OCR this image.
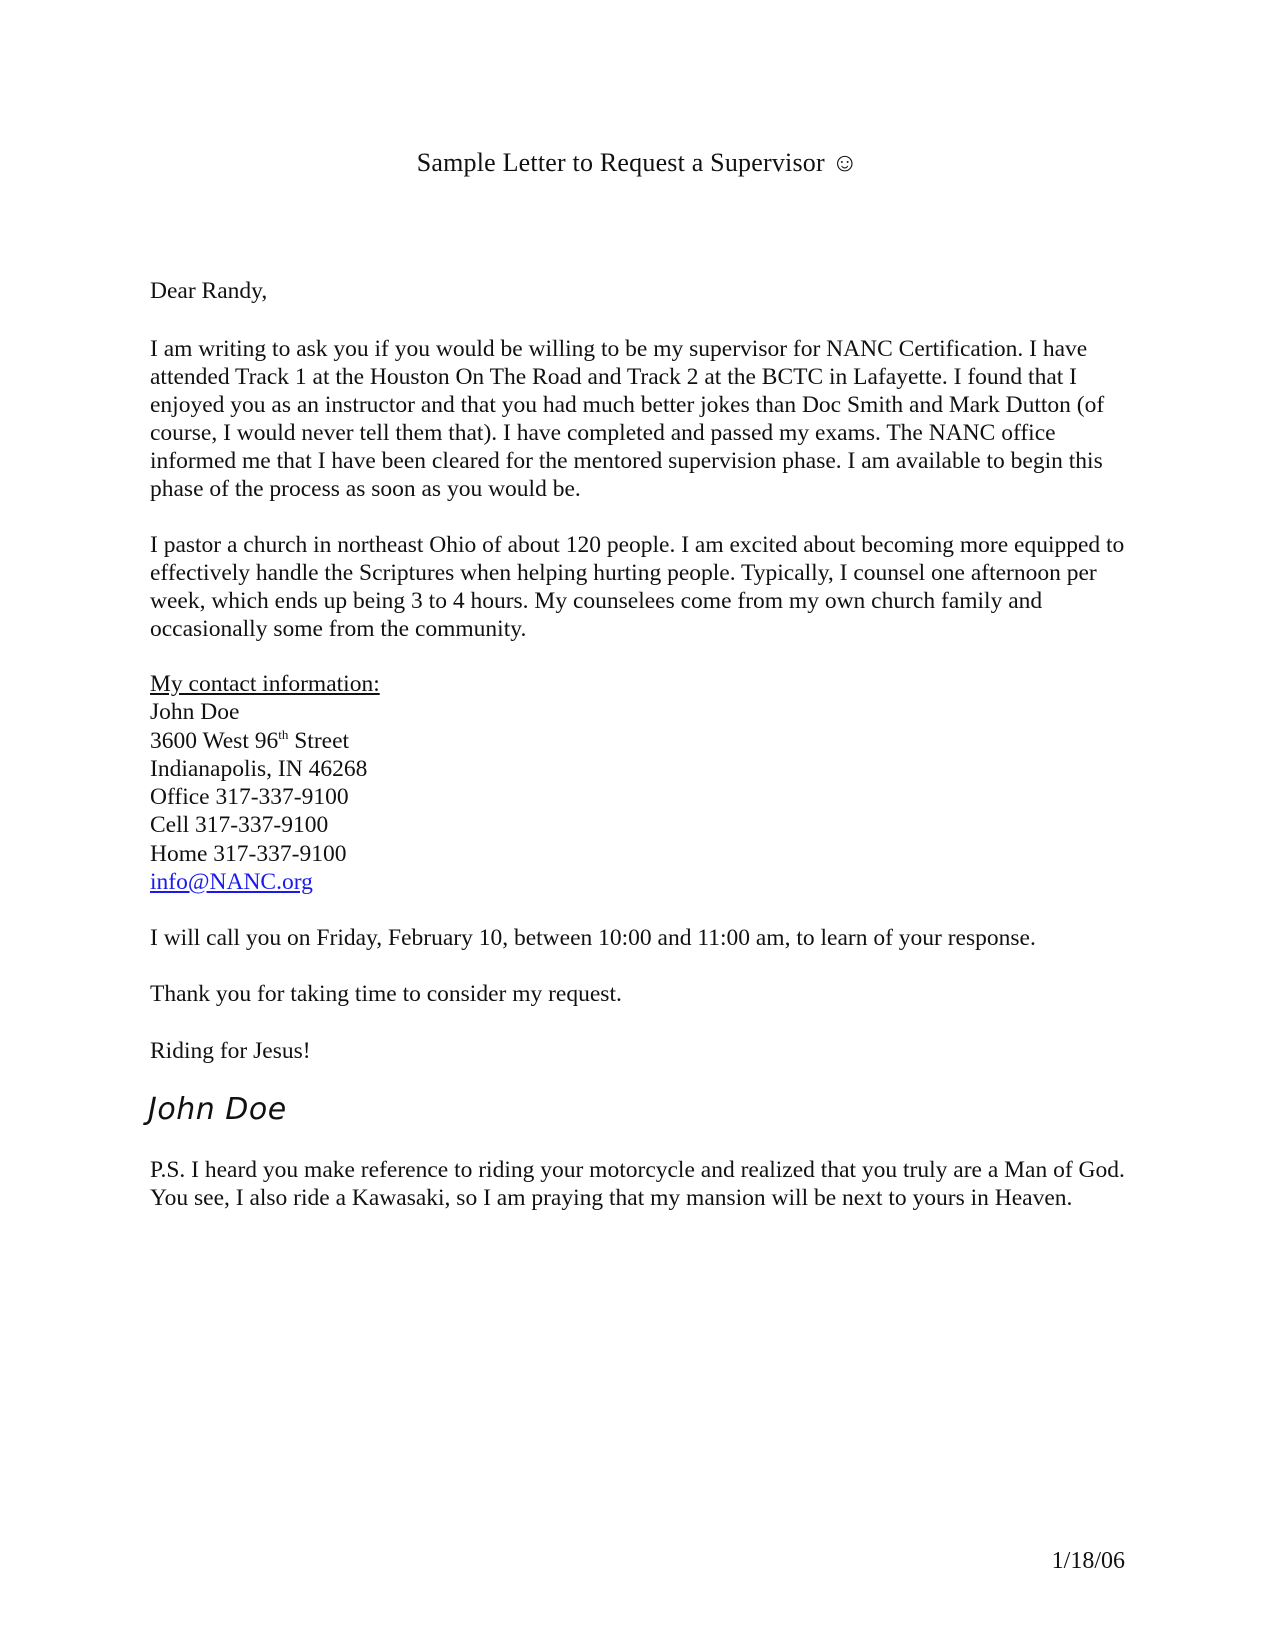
Sample Letter to Request a Supervisor ☺

Dear Randy,

I am writing to ask you if you would be willing to be my supervisor for NANC Certification. I have attended Track 1 at the Houston On The Road and Track 2 at the BCTC in Lafayette. I found that I enjoyed you as an instructor and that you had much better jokes than Doc Smith and Mark Dutton (of course, I would never tell them that). I have completed and passed my exams. The NANC office informed me that I have been cleared for the mentored supervision phase. I am available to begin this phase of the process as soon as you would be.

I pastor a church in northeast Ohio of about 120 people. I am excited about becoming more equipped to effectively handle the Scriptures when helping hurting people. Typically, I counsel one afternoon per week, which ends up being 3 to 4 hours. My counselees come from my own church family and occasionally some from the community.

My contact information:
John Doe
3600 West 96th Street
Indianapolis, IN 46268
Office 317-337-9100
Cell 317-337-9100
Home 317-337-9100
info@NANC.org

I will call you on Friday, February 10, between 10:00 and 11:00 am, to learn of your response.

Thank you for taking time to consider my request.

Riding for Jesus!

John Doe

P.S. I heard you make reference to riding your motorcycle and realized that you truly are a Man of God. You see, I also ride a Kawasaki, so I am praying that my mansion will be next to yours in Heaven.

1/18/06
